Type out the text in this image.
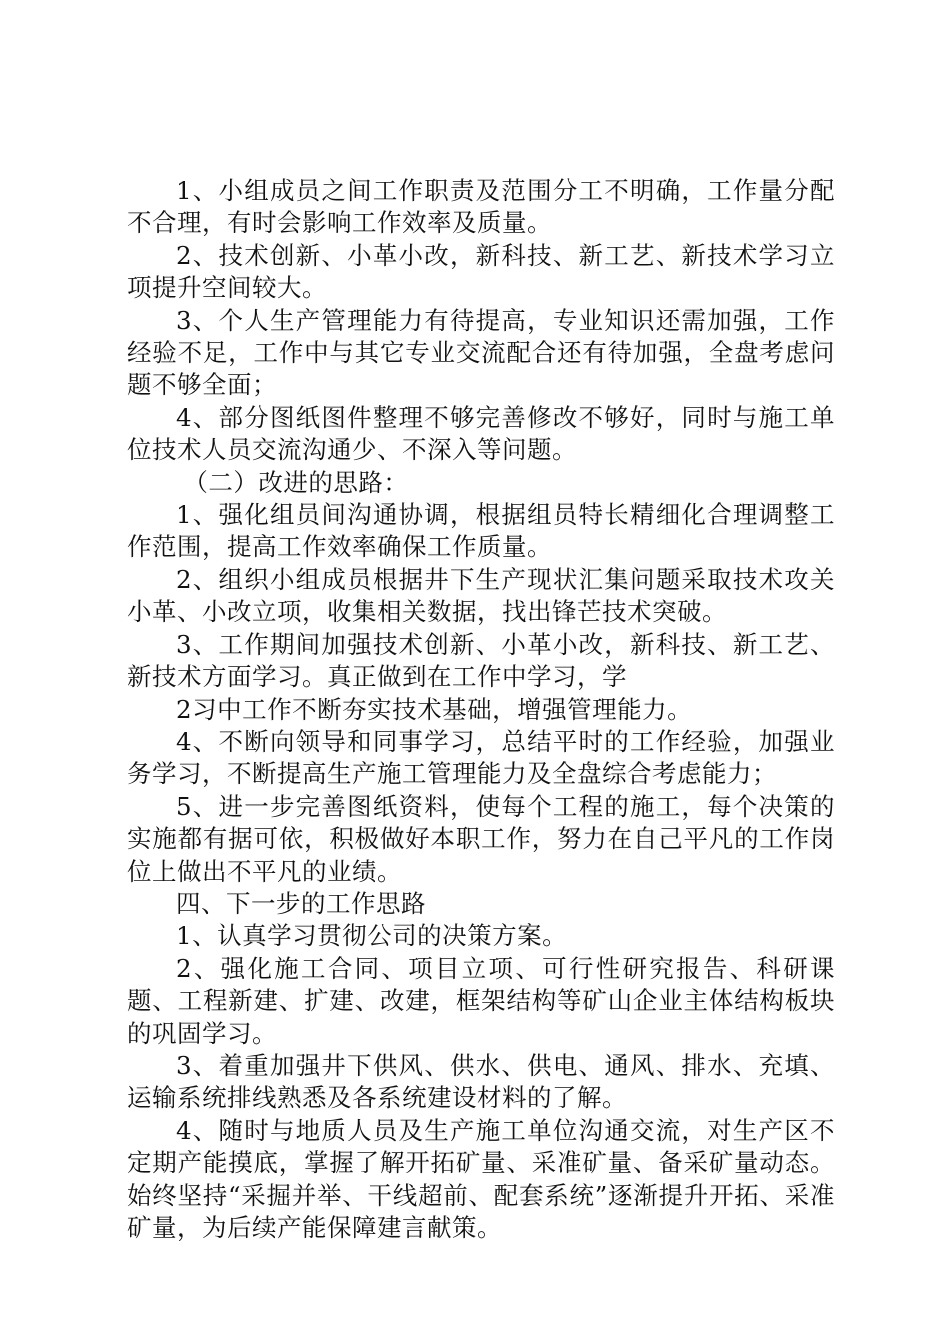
1、小组成员之间工作职责及范围分工不明确，工作量分配不合理，有时会影响工作效率及质量。

2、技术创新、小革小改，新科技、新工艺、新技术学习立项提升空间较大。

3、个人生产管理能力有待提高，专业知识还需加强，工作经验不足，工作中与其它专业交流配合还有待加强，全盘考虑问题不够全面；

4、部分图纸图件整理不够完善修改不够好，同时与施工单位技术人员交流沟通少、不深入等问题。

（二）改进的思路：

1、强化组员间沟通协调，根据组员特长精细化合理调整工作范围，提高工作效率确保工作质量。

2、组织小组成员根据井下生产现状汇集问题采取技术攻关小革、小改立项，收集相关数据，找出锋芒技术突破。

3、工作期间加强技术创新、小革小改，新科技、新工艺、新技术方面学习。真正做到在工作中学习，学

2习中工作不断夯实技术基础，增强管理能力。

4、不断向领导和同事学习，总结平时的工作经验，加强业务学习，不断提高生产施工管理能力及全盘综合考虑能力；

5、进一步完善图纸资料，使每个工程的施工，每个决策的实施都有据可依，积极做好本职工作，努力在自己平凡的工作岗位上做出不平凡的业绩。

四、下一步的工作思路

1、认真学习贯彻公司的决策方案。

2、强化施工合同、项目立项、可行性研究报告、科研课题、工程新建、扩建、改建，框架结构等矿山企业主体结构板块的巩固学习。

3、着重加强井下供风、供水、供电、通风、排水、充填、运输系统排线熟悉及各系统建设材料的了解。

4、随时与地质人员及生产施工单位沟通交流，对生产区不定期产能摸底，掌握了解开拓矿量、采准矿量、备采矿量动态。始终坚持“采掘并举、干线超前、配套系统”逐渐提升开拓、采准矿量，为后续产能保障建言献策。
